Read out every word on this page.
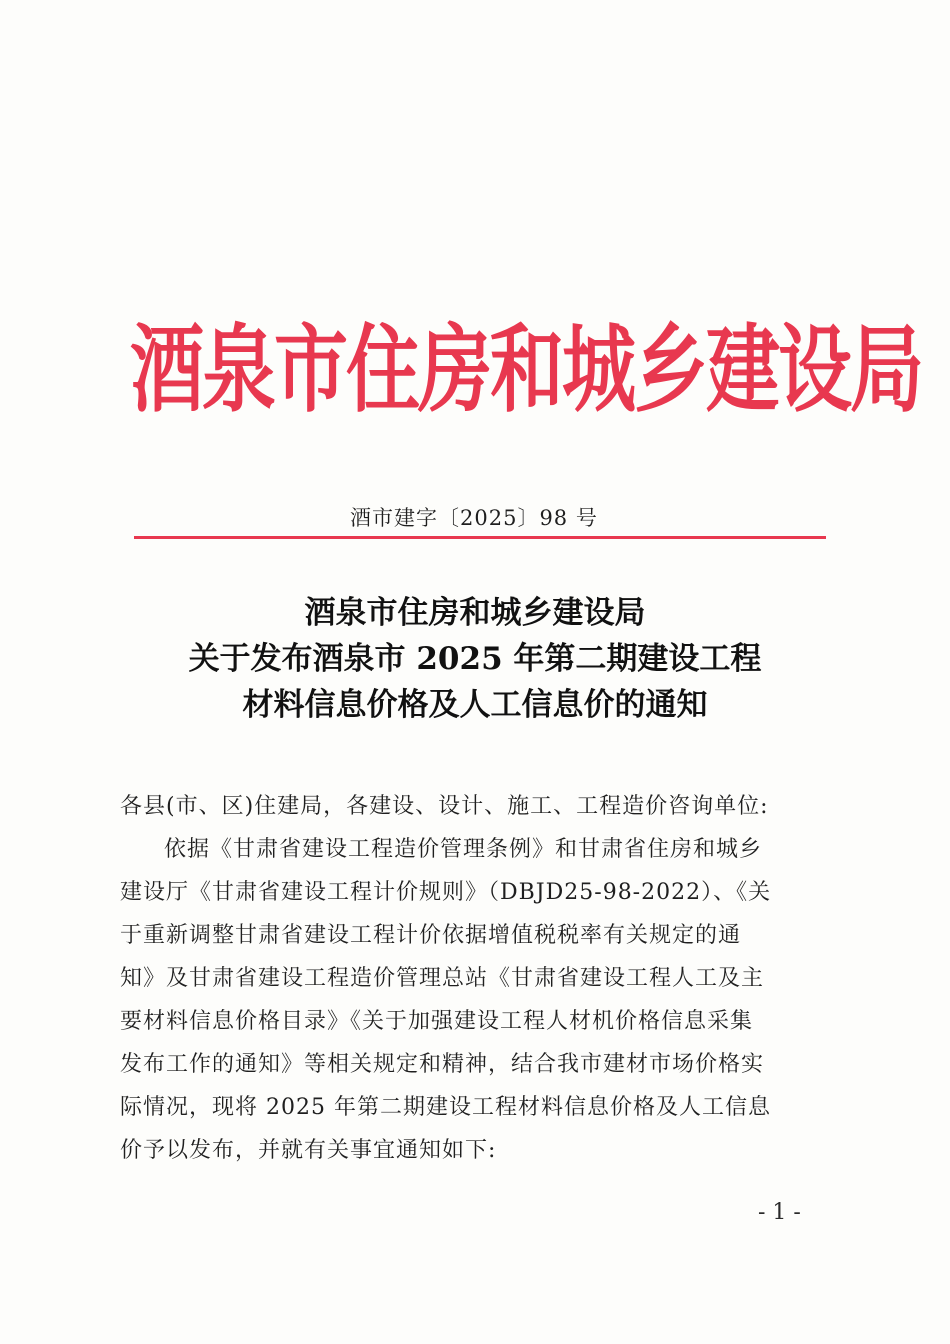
酒泉市住房和城乡建设局
酒市建字〔2025〕98 号
酒泉市住房和城乡建设局
关于发布酒泉市 2025 年第二期建设工程
材料信息价格及人工信息价的通知
各县(市、区)住建局，各建设、设计、施工、工程造价咨询单位:
依据《甘肃省建设工程造价管理条例》和甘肃省住房和城乡
建设厅《甘肃省建设工程计价规则》（DBJD25-98-2022）、《关
于重新调整甘肃省建设工程计价依据增值税税率有关规定的通
知》及甘肃省建设工程造价管理总站《甘肃省建设工程人工及主
要材料信息价格目录》《关于加强建设工程人材机价格信息采集
发布工作的通知》等相关规定和精神，结合我市建材市场价格实
际情况，现将 2025 年第二期建设工程材料信息价格及人工信息
价予以发布，并就有关事宜通知如下:
- 1 -
